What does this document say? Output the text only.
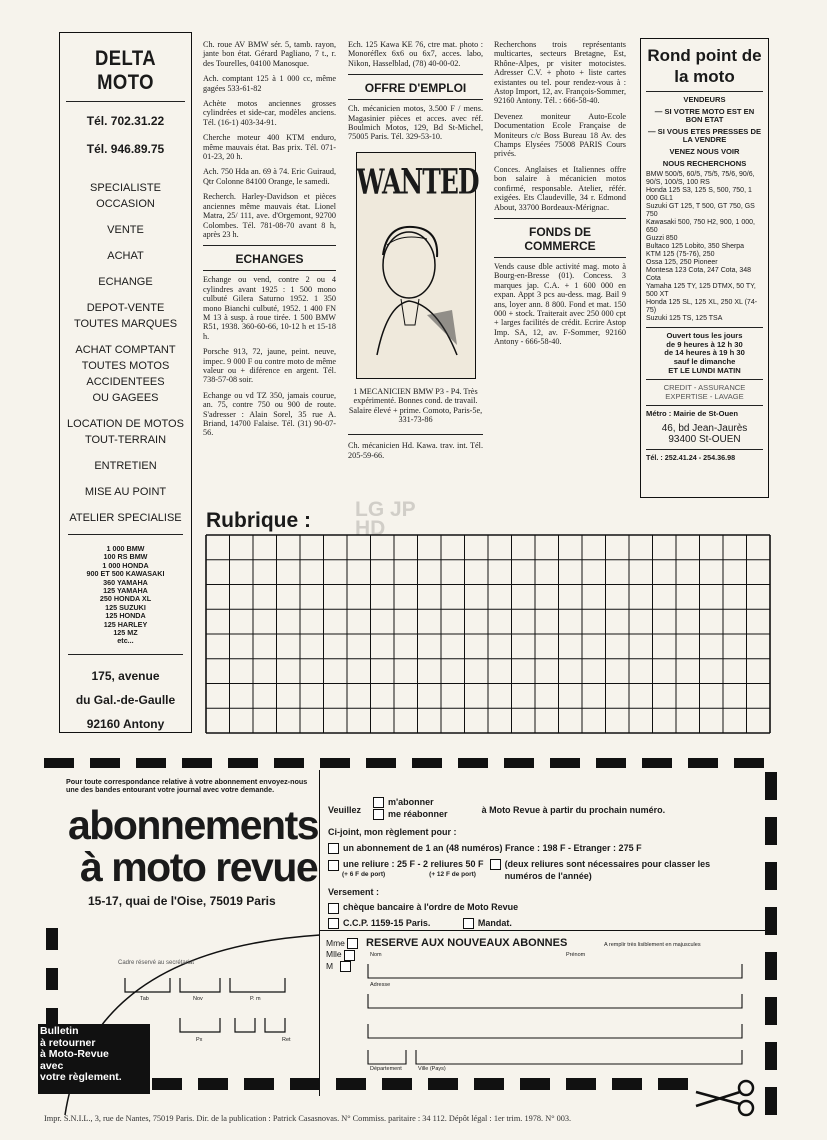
DELTA MOTO

Tél. 702.31.22

Tél. 946.89.75

SPECIALISTE

OCCASION

VENTE

ACHAT

ECHANGE

DEPOT-VENTE

TOUTES MARQUES

ACHAT COMPTANT

TOUTES MOTOS

ACCIDENTEES

OU GAGEES

LOCATION DE MOTOS

TOUT-TERRAIN

ENTRETIEN

MISE AU POINT

ATELIER SPECIALISE

1 000 BMW

100 RS BMW

1 000 HONDA

900 ET 500 KAWASAKI

360 YAMAHA

125 YAMAHA

250 HONDA XL

125 SUZUKI

125 HONDA

125 HARLEY

125 MZ

etc...

175, avenue

du Gal.-de-Gaulle

92160 Antony

Ch. roue AV BMW sér. 5, tamb. rayon, jante bon état. Gérard Pagliano, 7 t., r. des Tourelles, 04100 Manosque.

Ach. comptant 125 à 1 000 cc, même gagées 533-61-82

Achète motos anciennes grosses cylindrées et side-car, modèles anciens. Tél. (16-1) 403-34-91.

Cherche moteur 400 KTM enduro, même mauvais état. Bas prix. Tél. 071-01-23, 20 h.

Ach. 750 Hda an. 69 à 74. Eric Guiraud, Qtr Colonne 84100 Orange, le samedi.

Recherch. Harley-Davidson et pièces anciennes même mauvais état. Lionel Matra, 25/ 111, ave. d'Orgemont, 92700 Colombes. Tél. 781-08-70 avant 8 h, après 23 h.

ECHANGES

Echange ou vend, contre 2 ou 4 cylindres avant 1925 : 1 500 mono culbuté Gilera Saturno 1952. 1 350 mono Bianchi culbuté, 1952. 1 400 FN M 13 à susp. à roue tirée. 1 500 BMW R51, 1938. 360-60-66, 10-12 h et 15-18 h.

Porsche 913, 72, jaune, peint. neuve, impec. 9 000 F ou contre moto de même valeur ou + diférence en argent. Tél. 738-57-08 soir.

Echange ou vd TZ 350, jamais courue, an. 75, contre 750 ou 900 de route. S'adresser : Alain Sorel, 35 rue A. Briand, 14700 Falaise. Tél. (31) 90-07-56.

Ech. 125 Kawa KE 76, ctre mat. photo : Monoréflex 6x6 ou 6x7, acces. labo, Nikon, Hasselblad, (78) 40-00-02.

OFFRE D'EMPLOI

Ch. mécanicien motos, 3.500 F / mens. Magasinier pièces et acces. avec réf. Boulmich Motos, 129, Bd St-Michel, 75005 Paris. Tél. 329-53-10.

WANTED

1 MECANICIEN BMW P3 - P4. Très expérimenté. Bonnes cond. de travail. Salaire élevé + prime. Comoto, Paris-5e, 331-73-86

Ch. mécanicien Hd. Kawa. trav. int. Tél. 205-59-66.

Recherchons trois représentants multicartes, secteurs Bretagne, Est, Rhône-Alpes, pr visiter motocistes. Adresser C.V. + photo + liste cartes existantes ou tel. pour rendez-vous à : Astop Import, 12, av. François-Sommer, 92160 Antony. Tél. : 666-58-40.

Devenez moniteur Auto-Ecole Documentation Ecole Française de Moniteurs c/c Boss Bureau 18 Av. des Champs Elysées 75008 PARIS Cours privés.

Conces. Anglaises et Italiennes offre bon salaire à mécanicien motos confirmé, responsable. Atelier, référ. exigées. Ets Claudeville, 34 r. Edmond About, 33700 Bordeaux-Mérignac.

FONDS DE COMMERCE

Vends cause dble activité mag. moto à Bourg-en-Bresse (01). Concess. 3 marques jap. C.A. + 1 600 000 en expan. Appt 3 pcs au-dess. mag. Bail 9 ans, loyer ann. 8 800. Fond et mat. 150 000 + stock. Traiterait avec 250 000 cpt + larges facilités de crédit. Ecrire Astop Imp. SA, 12, av. F-Sommer, 92160 Antony - 666-58-40.

Rond point de la moto

VENDEURS

— SI VOTRE MOTO EST EN BON ETAT

— SI VOUS ETES PRESSES DE LA VENDRE

VENEZ NOUS VOIR

NOUS RECHERCHONS

BMW 500/5, 60/5, 75/5, 75/6, 90/6, 90/S, 100/S, 100 RS

Honda 125 S3, 125 S, 500, 750, 1 000 GL1

Suzuki GT 125, T 500, GT 750, GS 750

Kawasaki 500, 750 H2, 900, 1 000, 650

Guzzi 850

Bultaco 125 Lobito, 350 Sherpa

KTM 125 (75-76), 250

Ossa 125, 250 Pioneer

Montesa 123 Cota, 247 Cota, 348 Cota

Yamaha 125 TY, 125 DTMX, 50 TY, 500 XT

Honda 125 SL, 125 XL, 250 XL (74-75)

Suzuki 125 TS, 125 TSA

Ouvert tous les jours

de 9 heures à 12 h 30

de 14 heures à 19 h 30

sauf le dimanche

ET LE LUNDI MATIN

CREDIT - ASSURANCE

EXPERTISE - LAVAGE

Métro : Mairie de St-Ouen

46, bd Jean-Jaurès

93400 St-OUEN

Tél. : 252.41.24 - 254.36.98

Rubrique : LG JP HD
Pour toute correspondance relative à votre abonnement envoyez-nous une des bandes entourant votre journal avec votre demande.
abonnements
à moto revue
15-17, quai de l'Oise, 75019 Paris
Cadre réservé au secrétariat
Tab	Nov	P. m
Px	Ret

Bulletin

à retourner

à Moto-Revue

avec

votre règlement.

Veuillez
m'abonner
me réabonner	à Moto Revue à partir du prochain numéro.
Ci-joint, mon règlement pour :
un abonnement de 1 an (48 numéros) France : 198 F - Etranger : 275 F
une reliure : 25 F - 2 reliures 50 F
(+ 6 F de port)	(+ 12 F de port)
(deux reliures sont nécessaires pour classer les numéros de l'année)
Versement :
chèque bancaire à l'ordre de Moto Revue
C.C.P. 1159-15 Paris.	Mandat.
Mme
Mlle
M
RESERVE AUX NOUVEAUX ABONNES	A remplir très lisiblement en majuscules
Nom	Prénom
Adresse
Département	Ville (Pays)
Impr. S.N.I.L., 3, rue de Nantes, 75019 Paris. Dir. de la publication : Patrick Casasnovas. N° Commiss. paritaire : 34 112. Dépôt légal : 1er trim. 1978. N° 003.
